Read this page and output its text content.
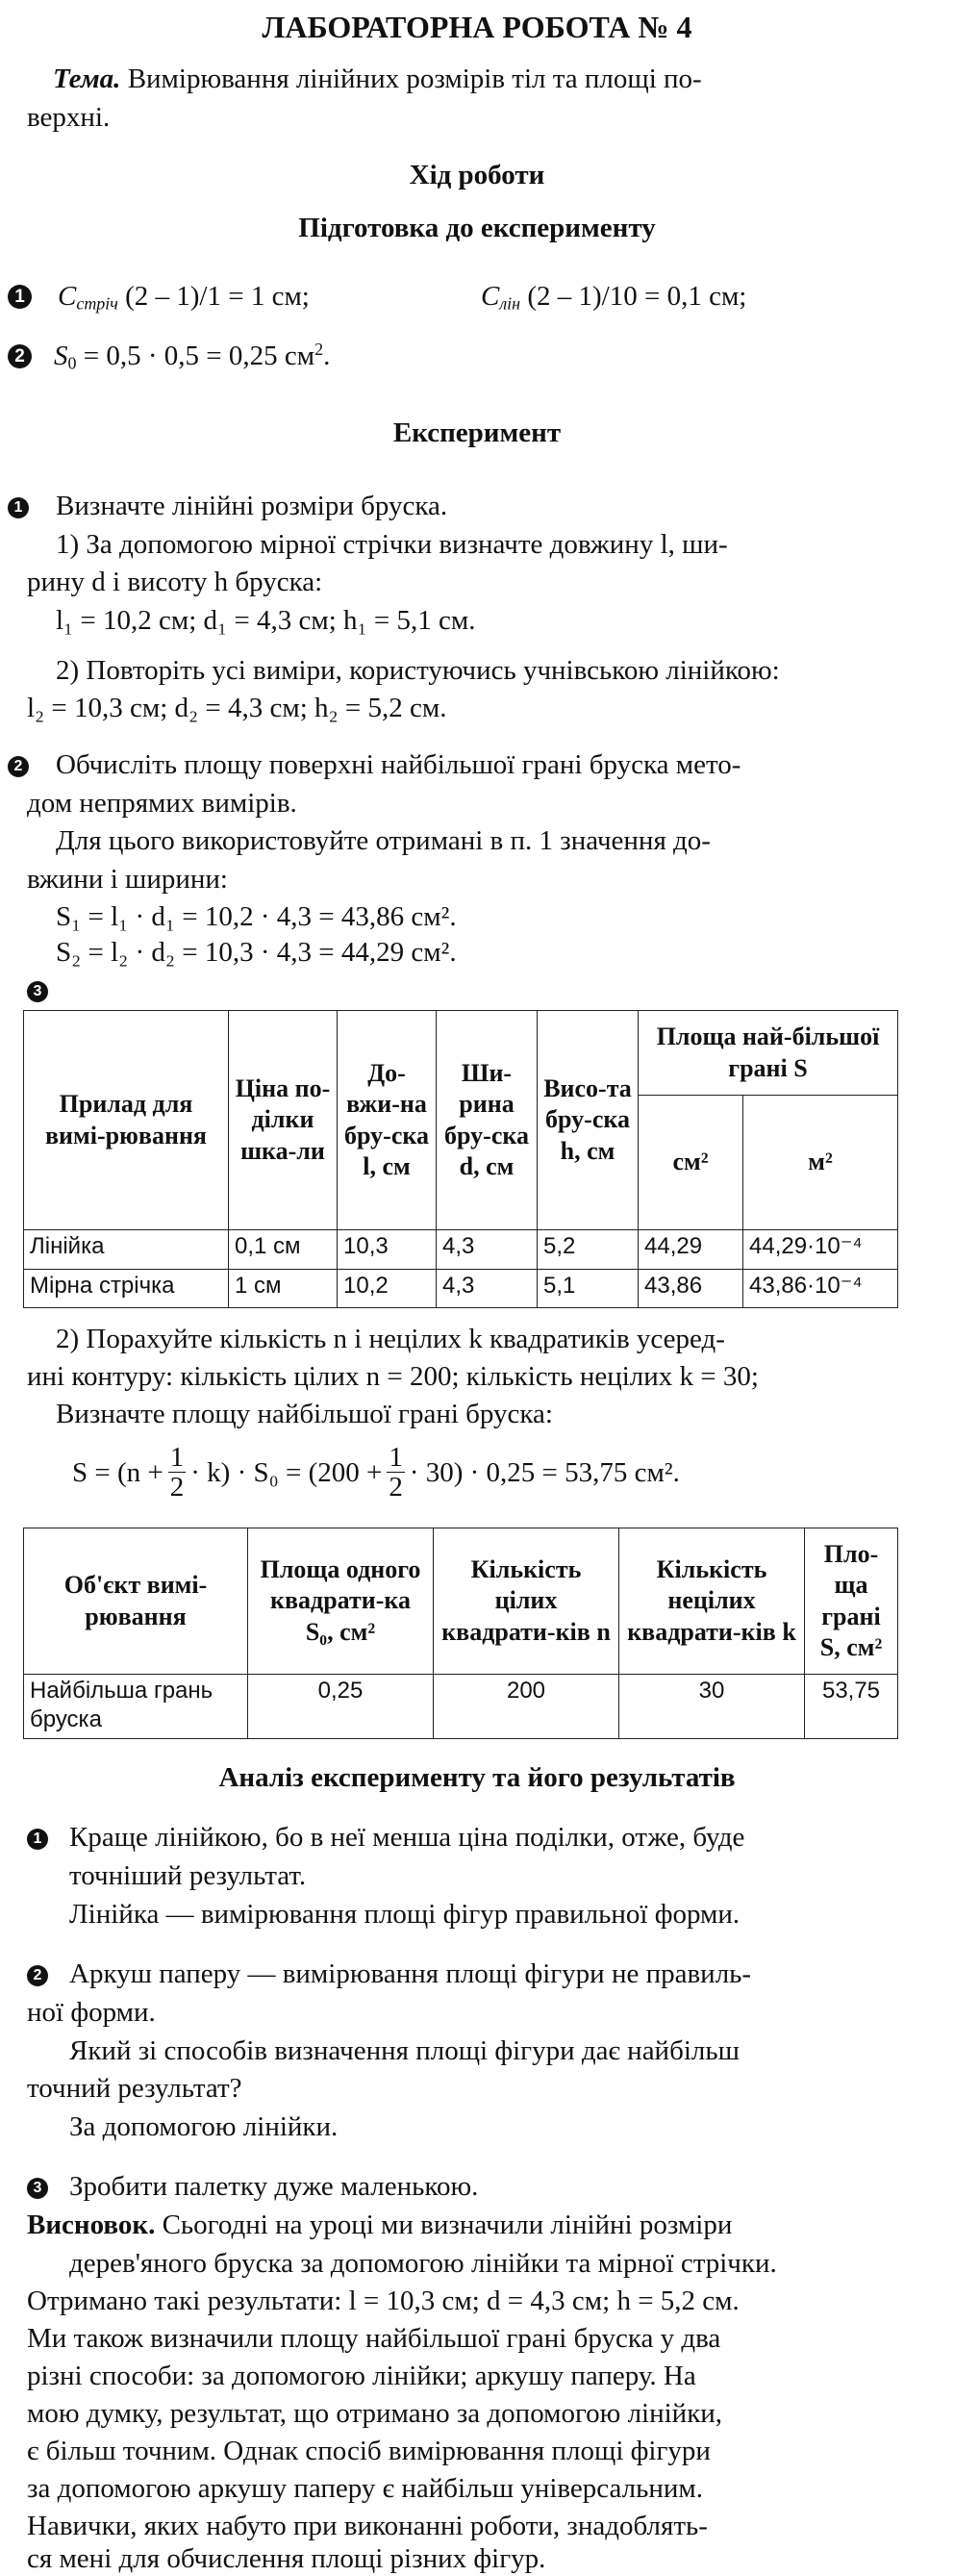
ЛАБОРАТОРНА РОБОТА № 4
Тема. Вимірювання лінійних розмірів тіл та площі по-
верхні.
Хід роботи
Підготовка до експерименту
1 $C_{стріч}$ (2 – 1)/1 = 1 см;	$C_{лін}$ (2 – 1)/10 = 0,1 см;
2 $S_0 = 0,5 \cdot 0,5 = 0,25$ $см^2$.
Експеримент
1 Визначте лінійні розміри бруска.
1) За допомогою мірної стрічки визначте довжину l, ши-
рину d і висоту h бруска:
l₁ = 10,2 см; d₁ = 4,3 см; h₁ = 5,1 см.
2) Повторіть усі виміри, користуючись учнівською лінійкою:
l₂ = 10,3 см; d₂ = 4,3 см; h₂ = 5,2 см.
2 Обчисліть площу поверхні найбільшої грані бруска мето-
дом непрямих вимірів.
Для цього використовуйте отримані в п. 1 значення до-
вжини і ширини:
S₁ = l₁ · d₁ = 10,2 · 4,3 = 43,86 см².
S₂ = l₂ · d₂ = 10,3 · 4,3 = 44,29 см².
3
Прилад для вимі-рювання	Ціна по-ділки шка-ли	До-вжи-на бру-ска l, см	Ши-рина бру-ска d, см	Висо-та бру-ска h, см	Площа най-більшої грані S	
					см²	м²
Лінійка	0,1 см	10,3	4,3	5,2	44,29	44,29·10⁻⁴
Мірна стрічка	1 см	10,2	4,3	5,1	43,86	43,86·10⁻⁴
2) Порахуйте кількість n і нецілих k квадратиків усеред-
ині контуру: кількість цілих n = 200; кількість нецілих k = 30;
Визначте площу найбільшої грані бруска:
$S = (n + \frac{1}{2} \cdot k) \cdot S_0 = (200 + \frac{1}{2} \cdot 30) \cdot 0,25 = 53,75$ см².
Об'єкт вимі-рювання	Площа одного квадрати-ка S₀, см²	Кількість цілих квадрати-ків n	Кількість нецілих квадрати-ків k	Пло-ща грані S, см²
Найбільша грань бруска	0,25	200	30	53,75
Аналіз експерименту та його результатів
1 Краще лінійкою, бо в неї менша ціна поділки, отже, буде
точніший результат.
Лінійка — вимірювання площі фігур правильної форми.
2 Аркуш паперу — вимірювання площі фігури не правиль-
ної форми.
Який зі способів визначення площі фігури дає найбільш
точний результат?
За допомогою лінійки.
3 Зробити палетку дуже маленькою.
Висновок. Сьогодні на уроці ми визначили лінійні розміри
дерев'яного бруска за допомогою лінійки та мірної стрічки.
Отримано такі результати: l = 10,3 см; d = 4,3 см; h = 5,2 см.
Ми також визначили площу найбільшої грані бруска у два
різні способи: за допомогою лінійки; аркушу паперу. На
мою думку, результат, що отримано за допомогою лінійки,
є більш точним. Однак спосіб вимірювання площі фігури
за допомогою аркушу паперу є найбільш універсальним.
Навички, яких набуто при виконанні роботи, знадоблять-
ся мені для обчислення площі різних фігур.
